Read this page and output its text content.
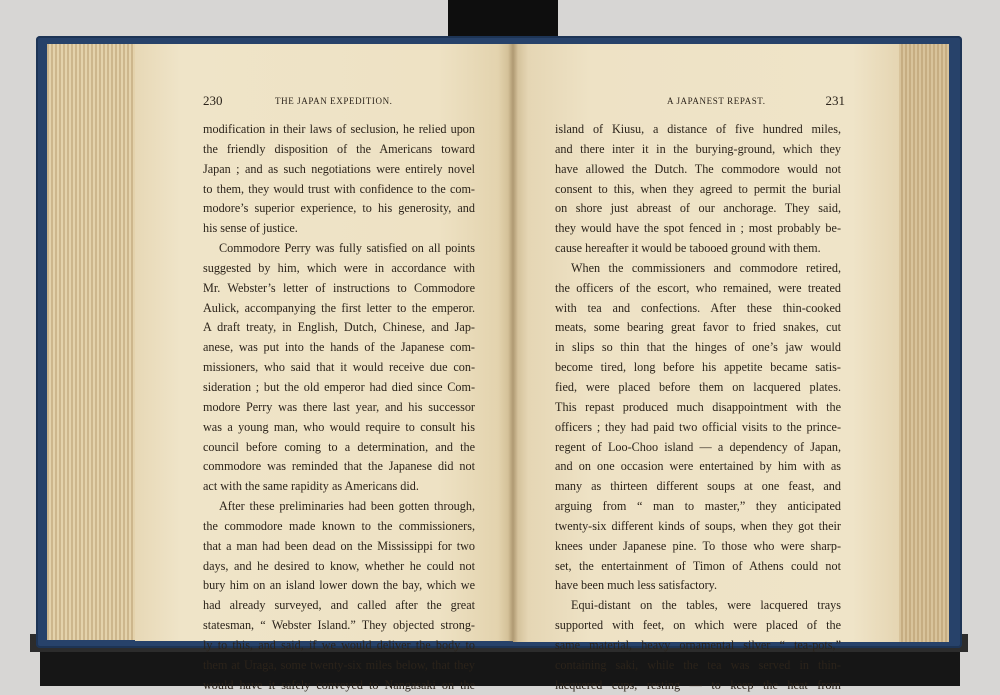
230	THE JAPAN EXPEDITION.
modification in their laws of seclusion, he relied upon
the friendly disposition of the Americans toward
Japan ; and as such negotiations were entirely novel
to them, they would trust with confidence to the com-
modore’s superior experience, to his generosity, and
his sense of justice.
Commodore Perry was fully satisfied on all points
suggested by him, which were in accordance with
Mr. Webster’s letter of instructions to Commodore
Aulick, accompanying the first letter to the emperor.
A draft treaty, in English, Dutch, Chinese, and Jap-
anese, was put into the hands of the Japanese com-
missioners, who said that it would receive due con-
sideration ; but the old emperor had died since Com-
modore Perry was there last year, and his successor
was a young man, who would require to consult his
council before coming to a determination, and the
commodore was reminded that the Japanese did not
act with the same rapidity as Americans did.
After these preliminaries had been gotten through,
the commodore made known to the commissioners,
that a man had been dead on the Mississippi for two
days, and he desired to know, whether he could not
bury him on an island lower down the bay, which we
had already surveyed, and called after the great
statesman, “ Webster Island.” They objected strong-
ly to this, and said, if we would deliver the body to
them at Uraga, some twenty-six miles below, that they
would have it safely conveyed to Nangasaki on the
A JAPANEST REPAST.	231
island of Kiusu, a distance of five hundred miles,
and there inter it in the burying-ground, which they
have allowed the Dutch. The commodore would not
consent to this, when they agreed to permit the burial
on shore just abreast of our anchorage. They said,
they would have the spot fenced in ; most probably be-
cause hereafter it would be tabooed ground with them.
When the commissioners and commodore retired,
the officers of the escort, who remained, were treated
with tea and confections. After these thin-cooked
meats, some bearing great favor to fried snakes, cut
in slips so thin that the hinges of one’s jaw would
become tired, long before his appetite became satis-
fied, were placed before them on lacquered plates.
This repast produced much disappointment with the
officers ; they had paid two official visits to the prince-
regent of Loo-Choo island — a dependency of Japan,
and on one occasion were entertained by him with as
many as thirteen different soups at one feast, and
arguing from “ man to master,” they anticipated
twenty-six different kinds of soups, when they got their
knees under Japanese pine. To those who were sharp-
set, the entertainment of Timon of Athens could not
have been much less satisfactory.
Equi-distant on the tables, were lacquered trays
supported with feet, on which were placed of the
same material, heavy ornamental silver “ tea-pots,”
containing saki, while the tea was served in thin-
lacquered cups, resting — to keep the heat from
